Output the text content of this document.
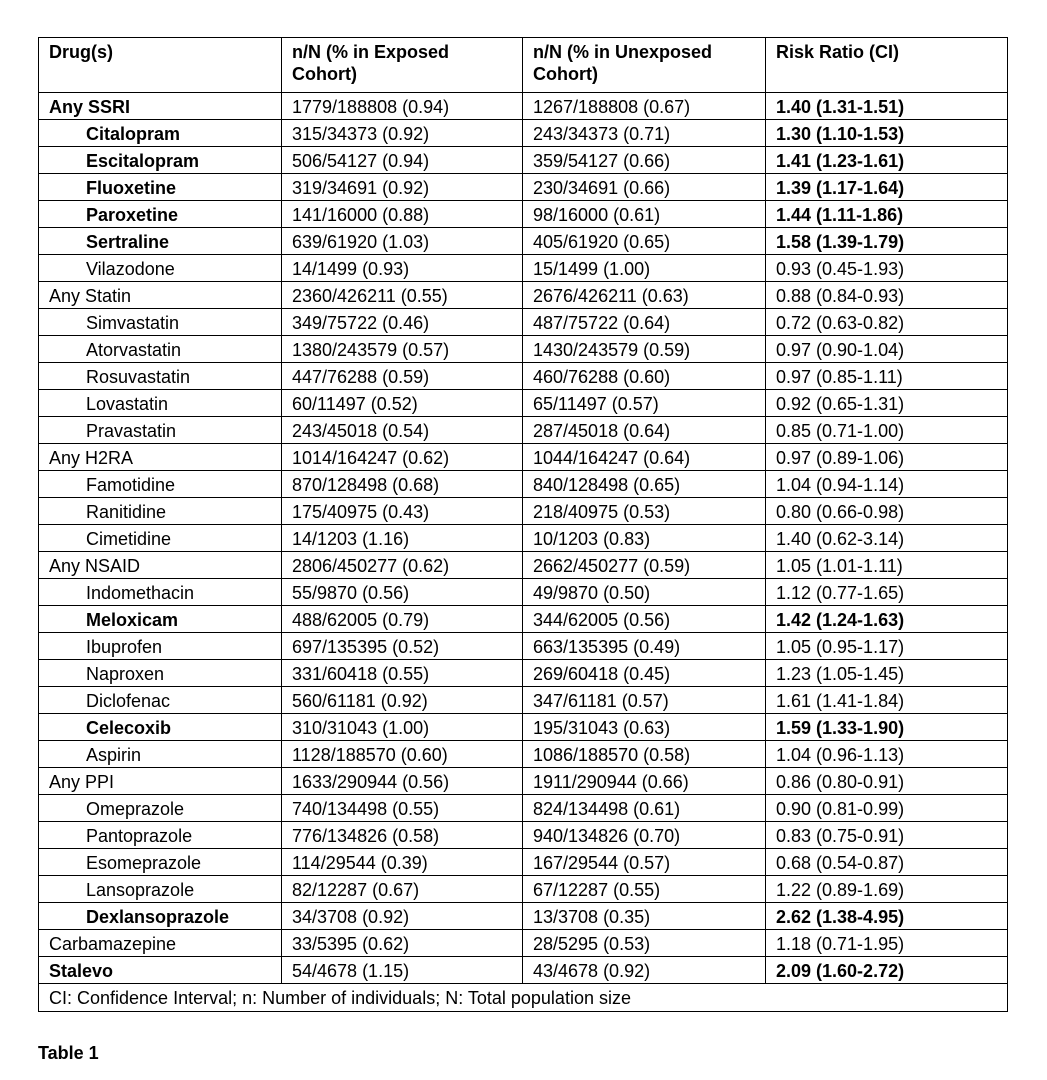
Drug(s)	n/N (% in Exposed Cohort)	n/N (% in Unexposed Cohort)	Risk Ratio (CI)
Any SSRI	1779/188808 (0.94)	1267/188808 (0.67)	1.40 (1.31-1.51)
Citalopram	315/34373 (0.92)	243/34373 (0.71)	1.30 (1.10-1.53)
Escitalopram	506/54127 (0.94)	359/54127 (0.66)	1.41 (1.23-1.61)
Fluoxetine	319/34691 (0.92)	230/34691 (0.66)	1.39 (1.17-1.64)
Paroxetine	141/16000 (0.88)	98/16000 (0.61)	1.44 (1.11-1.86)
Sertraline	639/61920 (1.03)	405/61920 (0.65)	1.58 (1.39-1.79)
Vilazodone	14/1499 (0.93)	15/1499 (1.00)	0.93 (0.45-1.93)
Any Statin	2360/426211 (0.55)	2676/426211 (0.63)	0.88 (0.84-0.93)
Simvastatin	349/75722 (0.46)	487/75722 (0.64)	0.72 (0.63-0.82)
Atorvastatin	1380/243579 (0.57)	1430/243579 (0.59)	0.97 (0.90-1.04)
Rosuvastatin	447/76288 (0.59)	460/76288 (0.60)	0.97 (0.85-1.11)
Lovastatin	60/11497 (0.52)	65/11497 (0.57)	0.92 (0.65-1.31)
Pravastatin	243/45018 (0.54)	287/45018 (0.64)	0.85 (0.71-1.00)
Any H2RA	1014/164247 (0.62)	1044/164247 (0.64)	0.97 (0.89-1.06)
Famotidine	870/128498 (0.68)	840/128498 (0.65)	1.04 (0.94-1.14)
Ranitidine	175/40975 (0.43)	218/40975 (0.53)	0.80 (0.66-0.98)
Cimetidine	14/1203 (1.16)	10/1203 (0.83)	1.40 (0.62-3.14)
Any NSAID	2806/450277 (0.62)	2662/450277 (0.59)	1.05 (1.01-1.11)
Indomethacin	55/9870 (0.56)	49/9870 (0.50)	1.12 (0.77-1.65)
Meloxicam	488/62005 (0.79)	344/62005 (0.56)	1.42 (1.24-1.63)
Ibuprofen	697/135395 (0.52)	663/135395 (0.49)	1.05 (0.95-1.17)
Naproxen	331/60418 (0.55)	269/60418 (0.45)	1.23 (1.05-1.45)
Diclofenac	560/61181 (0.92)	347/61181 (0.57)	1.61 (1.41-1.84)
Celecoxib	310/31043 (1.00)	195/31043 (0.63)	1.59 (1.33-1.90)
Aspirin	1128/188570 (0.60)	1086/188570 (0.58)	1.04 (0.96-1.13)
Any PPI	1633/290944 (0.56)	1911/290944 (0.66)	0.86 (0.80-0.91)
Omeprazole	740/134498 (0.55)	824/134498 (0.61)	0.90 (0.81-0.99)
Pantoprazole	776/134826 (0.58)	940/134826 (0.70)	0.83 (0.75-0.91)
Esomeprazole	114/29544 (0.39)	167/29544 (0.57)	0.68 (0.54-0.87)
Lansoprazole	82/12287 (0.67)	67/12287 (0.55)	1.22 (0.89-1.69)
Dexlansoprazole	34/3708 (0.92)	13/3708 (0.35)	2.62 (1.38-4.95)
Carbamazepine	33/5395 (0.62)	28/5295 (0.53)	1.18 (0.71-1.95)
Stalevo	54/4678 (1.15)	43/4678 (0.92)	2.09 (1.60-2.72)
CI: Confidence Interval; n: Number of individuals; N: Total population size			
Table 1
